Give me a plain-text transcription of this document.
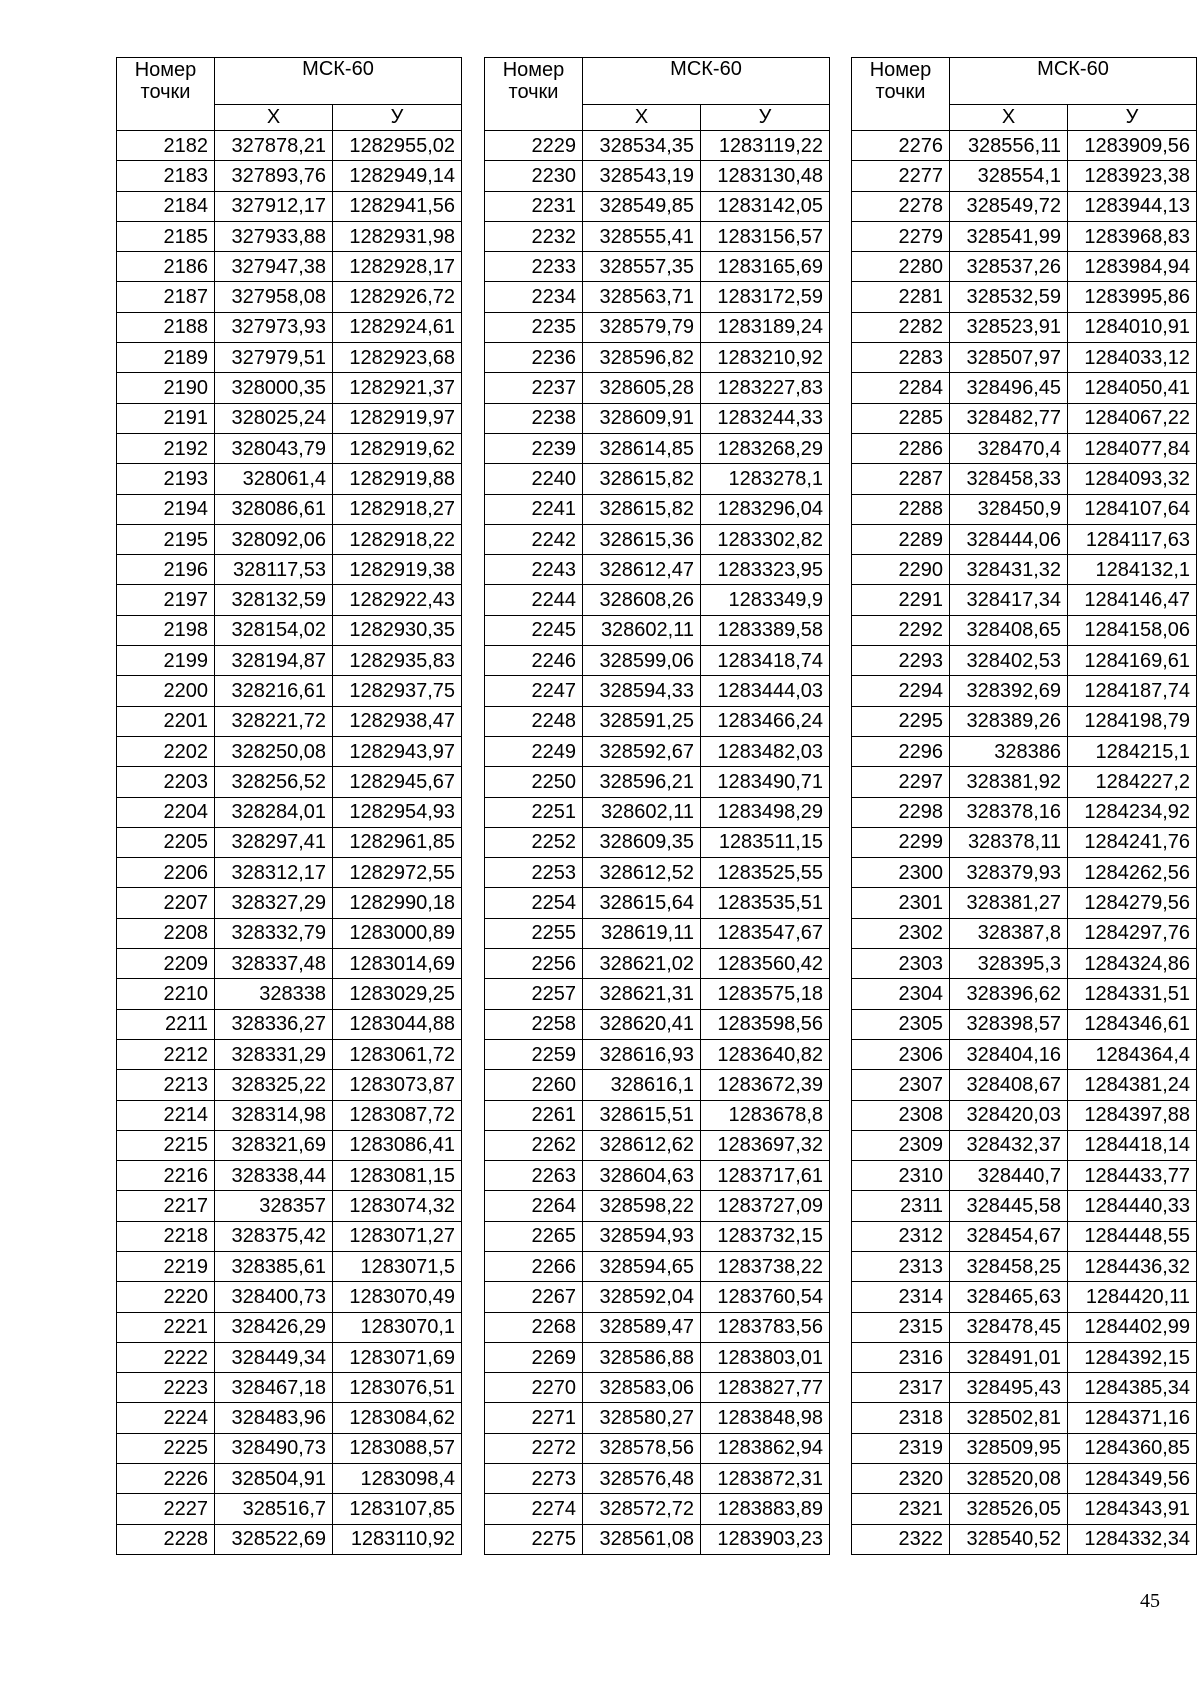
Номер точки	МСК-60	
	Х	У
2182	327878,21	1282955,02
2183	327893,76	1282949,14
2184	327912,17	1282941,56
2185	327933,88	1282931,98
2186	327947,38	1282928,17
2187	327958,08	1282926,72
2188	327973,93	1282924,61
2189	327979,51	1282923,68
2190	328000,35	1282921,37
2191	328025,24	1282919,97
2192	328043,79	1282919,62
2193	328061,4	1282919,88
2194	328086,61	1282918,27
2195	328092,06	1282918,22
2196	328117,53	1282919,38
2197	328132,59	1282922,43
2198	328154,02	1282930,35
2199	328194,87	1282935,83
2200	328216,61	1282937,75
2201	328221,72	1282938,47
2202	328250,08	1282943,97
2203	328256,52	1282945,67
2204	328284,01	1282954,93
2205	328297,41	1282961,85
2206	328312,17	1282972,55
2207	328327,29	1282990,18
2208	328332,79	1283000,89
2209	328337,48	1283014,69
2210	328338	1283029,25
2211	328336,27	1283044,88
2212	328331,29	1283061,72
2213	328325,22	1283073,87
2214	328314,98	1283087,72
2215	328321,69	1283086,41
2216	328338,44	1283081,15
2217	328357	1283074,32
2218	328375,42	1283071,27
2219	328385,61	1283071,5
2220	328400,73	1283070,49
2221	328426,29	1283070,1
2222	328449,34	1283071,69
2223	328467,18	1283076,51
2224	328483,96	1283084,62
2225	328490,73	1283088,57
2226	328504,91	1283098,4
2227	328516,7	1283107,85
2228	328522,69	1283110,92
Номер точки	МСК-60	
	Х	У
2229	328534,35	1283119,22
2230	328543,19	1283130,48
2231	328549,85	1283142,05
2232	328555,41	1283156,57
2233	328557,35	1283165,69
2234	328563,71	1283172,59
2235	328579,79	1283189,24
2236	328596,82	1283210,92
2237	328605,28	1283227,83
2238	328609,91	1283244,33
2239	328614,85	1283268,29
2240	328615,82	1283278,1
2241	328615,82	1283296,04
2242	328615,36	1283302,82
2243	328612,47	1283323,95
2244	328608,26	1283349,9
2245	328602,11	1283389,58
2246	328599,06	1283418,74
2247	328594,33	1283444,03
2248	328591,25	1283466,24
2249	328592,67	1283482,03
2250	328596,21	1283490,71
2251	328602,11	1283498,29
2252	328609,35	1283511,15
2253	328612,52	1283525,55
2254	328615,64	1283535,51
2255	328619,11	1283547,67
2256	328621,02	1283560,42
2257	328621,31	1283575,18
2258	328620,41	1283598,56
2259	328616,93	1283640,82
2260	328616,1	1283672,39
2261	328615,51	1283678,8
2262	328612,62	1283697,32
2263	328604,63	1283717,61
2264	328598,22	1283727,09
2265	328594,93	1283732,15
2266	328594,65	1283738,22
2267	328592,04	1283760,54
2268	328589,47	1283783,56
2269	328586,88	1283803,01
2270	328583,06	1283827,77
2271	328580,27	1283848,98
2272	328578,56	1283862,94
2273	328576,48	1283872,31
2274	328572,72	1283883,89
2275	328561,08	1283903,23
Номер точки	МСК-60	
	Х	У
2276	328556,11	1283909,56
2277	328554,1	1283923,38
2278	328549,72	1283944,13
2279	328541,99	1283968,83
2280	328537,26	1283984,94
2281	328532,59	1283995,86
2282	328523,91	1284010,91
2283	328507,97	1284033,12
2284	328496,45	1284050,41
2285	328482,77	1284067,22
2286	328470,4	1284077,84
2287	328458,33	1284093,32
2288	328450,9	1284107,64
2289	328444,06	1284117,63
2290	328431,32	1284132,1
2291	328417,34	1284146,47
2292	328408,65	1284158,06
2293	328402,53	1284169,61
2294	328392,69	1284187,74
2295	328389,26	1284198,79
2296	328386	1284215,1
2297	328381,92	1284227,2
2298	328378,16	1284234,92
2299	328378,11	1284241,76
2300	328379,93	1284262,56
2301	328381,27	1284279,56
2302	328387,8	1284297,76
2303	328395,3	1284324,86
2304	328396,62	1284331,51
2305	328398,57	1284346,61
2306	328404,16	1284364,4
2307	328408,67	1284381,24
2308	328420,03	1284397,88
2309	328432,37	1284418,14
2310	328440,7	1284433,77
2311	328445,58	1284440,33
2312	328454,67	1284448,55
2313	328458,25	1284436,32
2314	328465,63	1284420,11
2315	328478,45	1284402,99
2316	328491,01	1284392,15
2317	328495,43	1284385,34
2318	328502,81	1284371,16
2319	328509,95	1284360,85
2320	328520,08	1284349,56
2321	328526,05	1284343,91
2322	328540,52	1284332,34
45
